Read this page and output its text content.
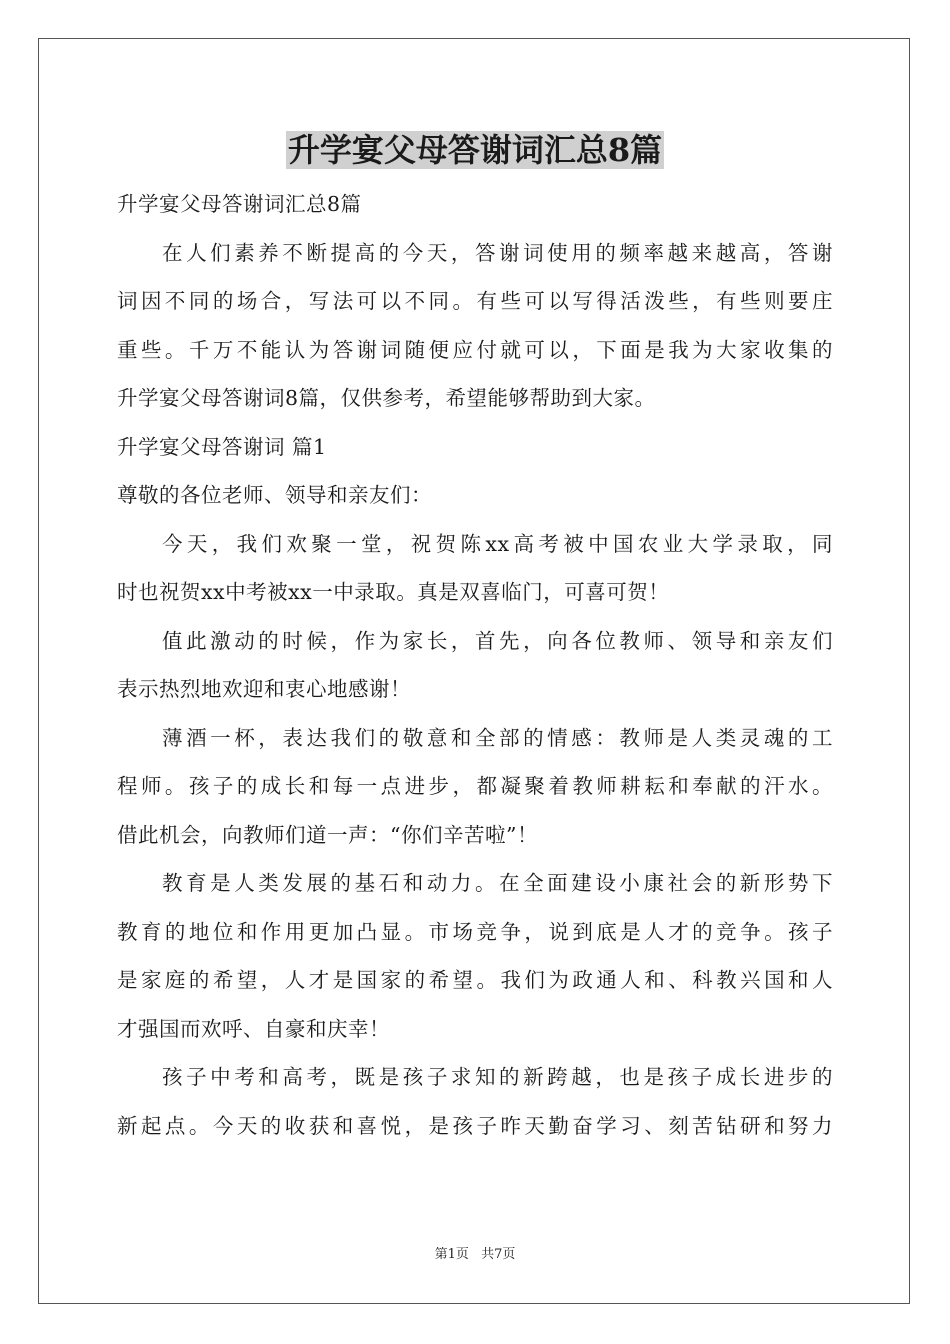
升学宴父母答谢词汇总8篇
升学宴父母答谢词汇总8篇
在人们素养不断提高的今天，答谢词使用的频率越来越高，答谢
词因不同的场合，写法可以不同。有些可以写得活泼些，有些则要庄
重些。千万不能认为答谢词随便应付就可以，下面是我为大家收集的
升学宴父母答谢词8篇，仅供参考，希望能够帮助到大家。
升学宴父母答谢词 篇1
尊敬的各位老师、领导和亲友们：
今天，我们欢聚一堂，祝贺陈xx高考被中国农业大学录取，同
时也祝贺xx中考被xx一中录取。真是双喜临门，可喜可贺！
值此激动的时候，作为家长，首先，向各位教师、领导和亲友们
表示热烈地欢迎和衷心地感谢！
薄酒一杯，表达我们的敬意和全部的情感：教师是人类灵魂的工
程师。孩子的成长和每一点进步，都凝聚着教师耕耘和奉献的汗水。
借此机会，向教师们道一声：“你们辛苦啦”！
教育是人类发展的基石和动力。在全面建设小康社会的新形势下
教育的地位和作用更加凸显。市场竞争，说到底是人才的竞争。孩子
是家庭的希望，人才是国家的希望。我们为政通人和、科教兴国和人
才强国而欢呼、自豪和庆幸！
孩子中考和高考，既是孩子求知的新跨越，也是孩子成长进步的
新起点。今天的收获和喜悦，是孩子昨天勤奋学习、刻苦钻研和努力
第1页 共7页
